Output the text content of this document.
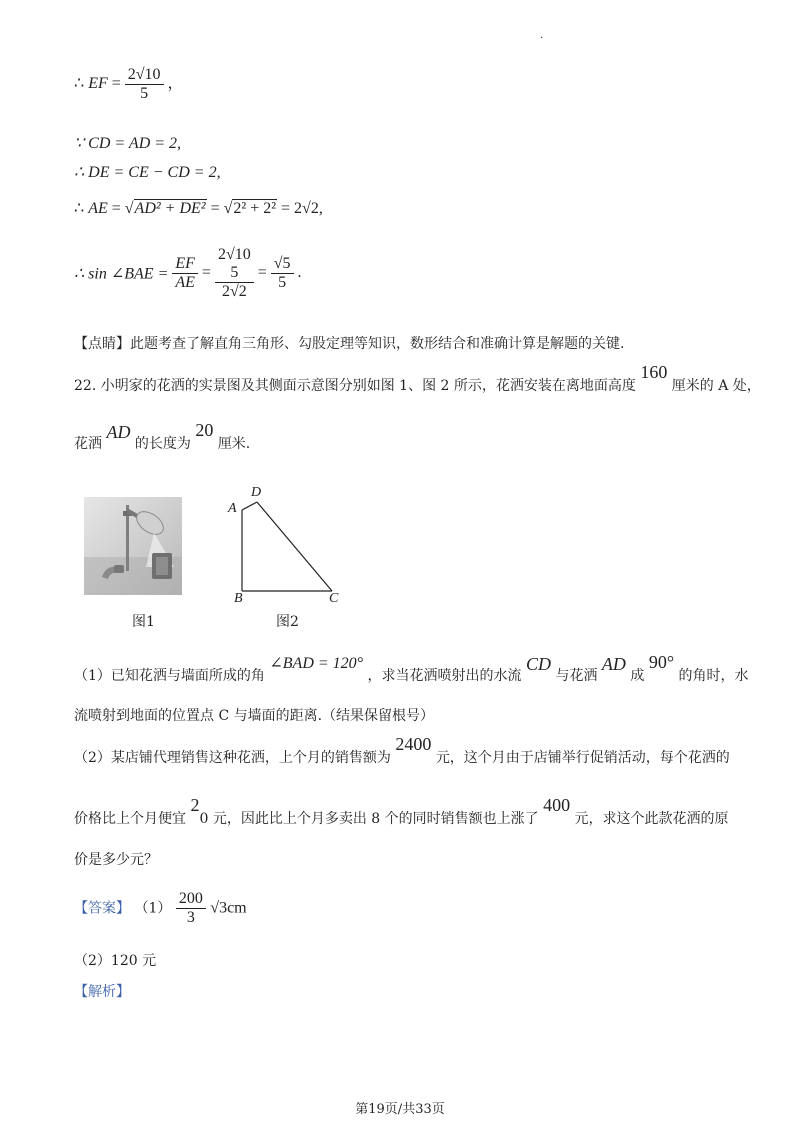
.
∴ EF = $\frac{2√10}{5}$ ，
∵ CD = AD = 2,
∴ DE = CE − CD = 2,
∴ AE = √AD² + DE² = √2² + 2² = 2√2,
∴ sin ∠BAE = $\frac{EF}{AE}$ =
2√10
5
2√2
= $\frac{√5}{5}$ .
【点睛】此题考查了解直角三角形、勾股定理等知识，数形结合和准确计算是解题的关键.
22. 小明家的花洒的实景图及其侧面示意图分别如图 1、图 2 所示，花洒安装在离地面高度 160 厘米的 A 处，
花洒 AD 的长度为 20 厘米.
图1
A
D
B	C
图2
（1）已知花洒与墙面所成的角 ∠BAD = 120° ，求当花洒喷射出的水流 CD 与花洒 AD 成 90° 的角时，水
流喷射到地面的位置点 C 与墙面的距离.（结果保留根号）
（2）某店铺代理销售这种花洒，上个月的销售额为 2400 元，这个月由于店铺举行促销活动，每个花洒的
价格比上个月便宜 20 元，因此比上个月多卖出 8 个的同时销售额也上涨了 400 元，求这个此款花洒的原
价是多少元？
【答案】 $(1) \frac{200}{3} √3cm$
（2）120 元
【解析】
第19页/共33页
